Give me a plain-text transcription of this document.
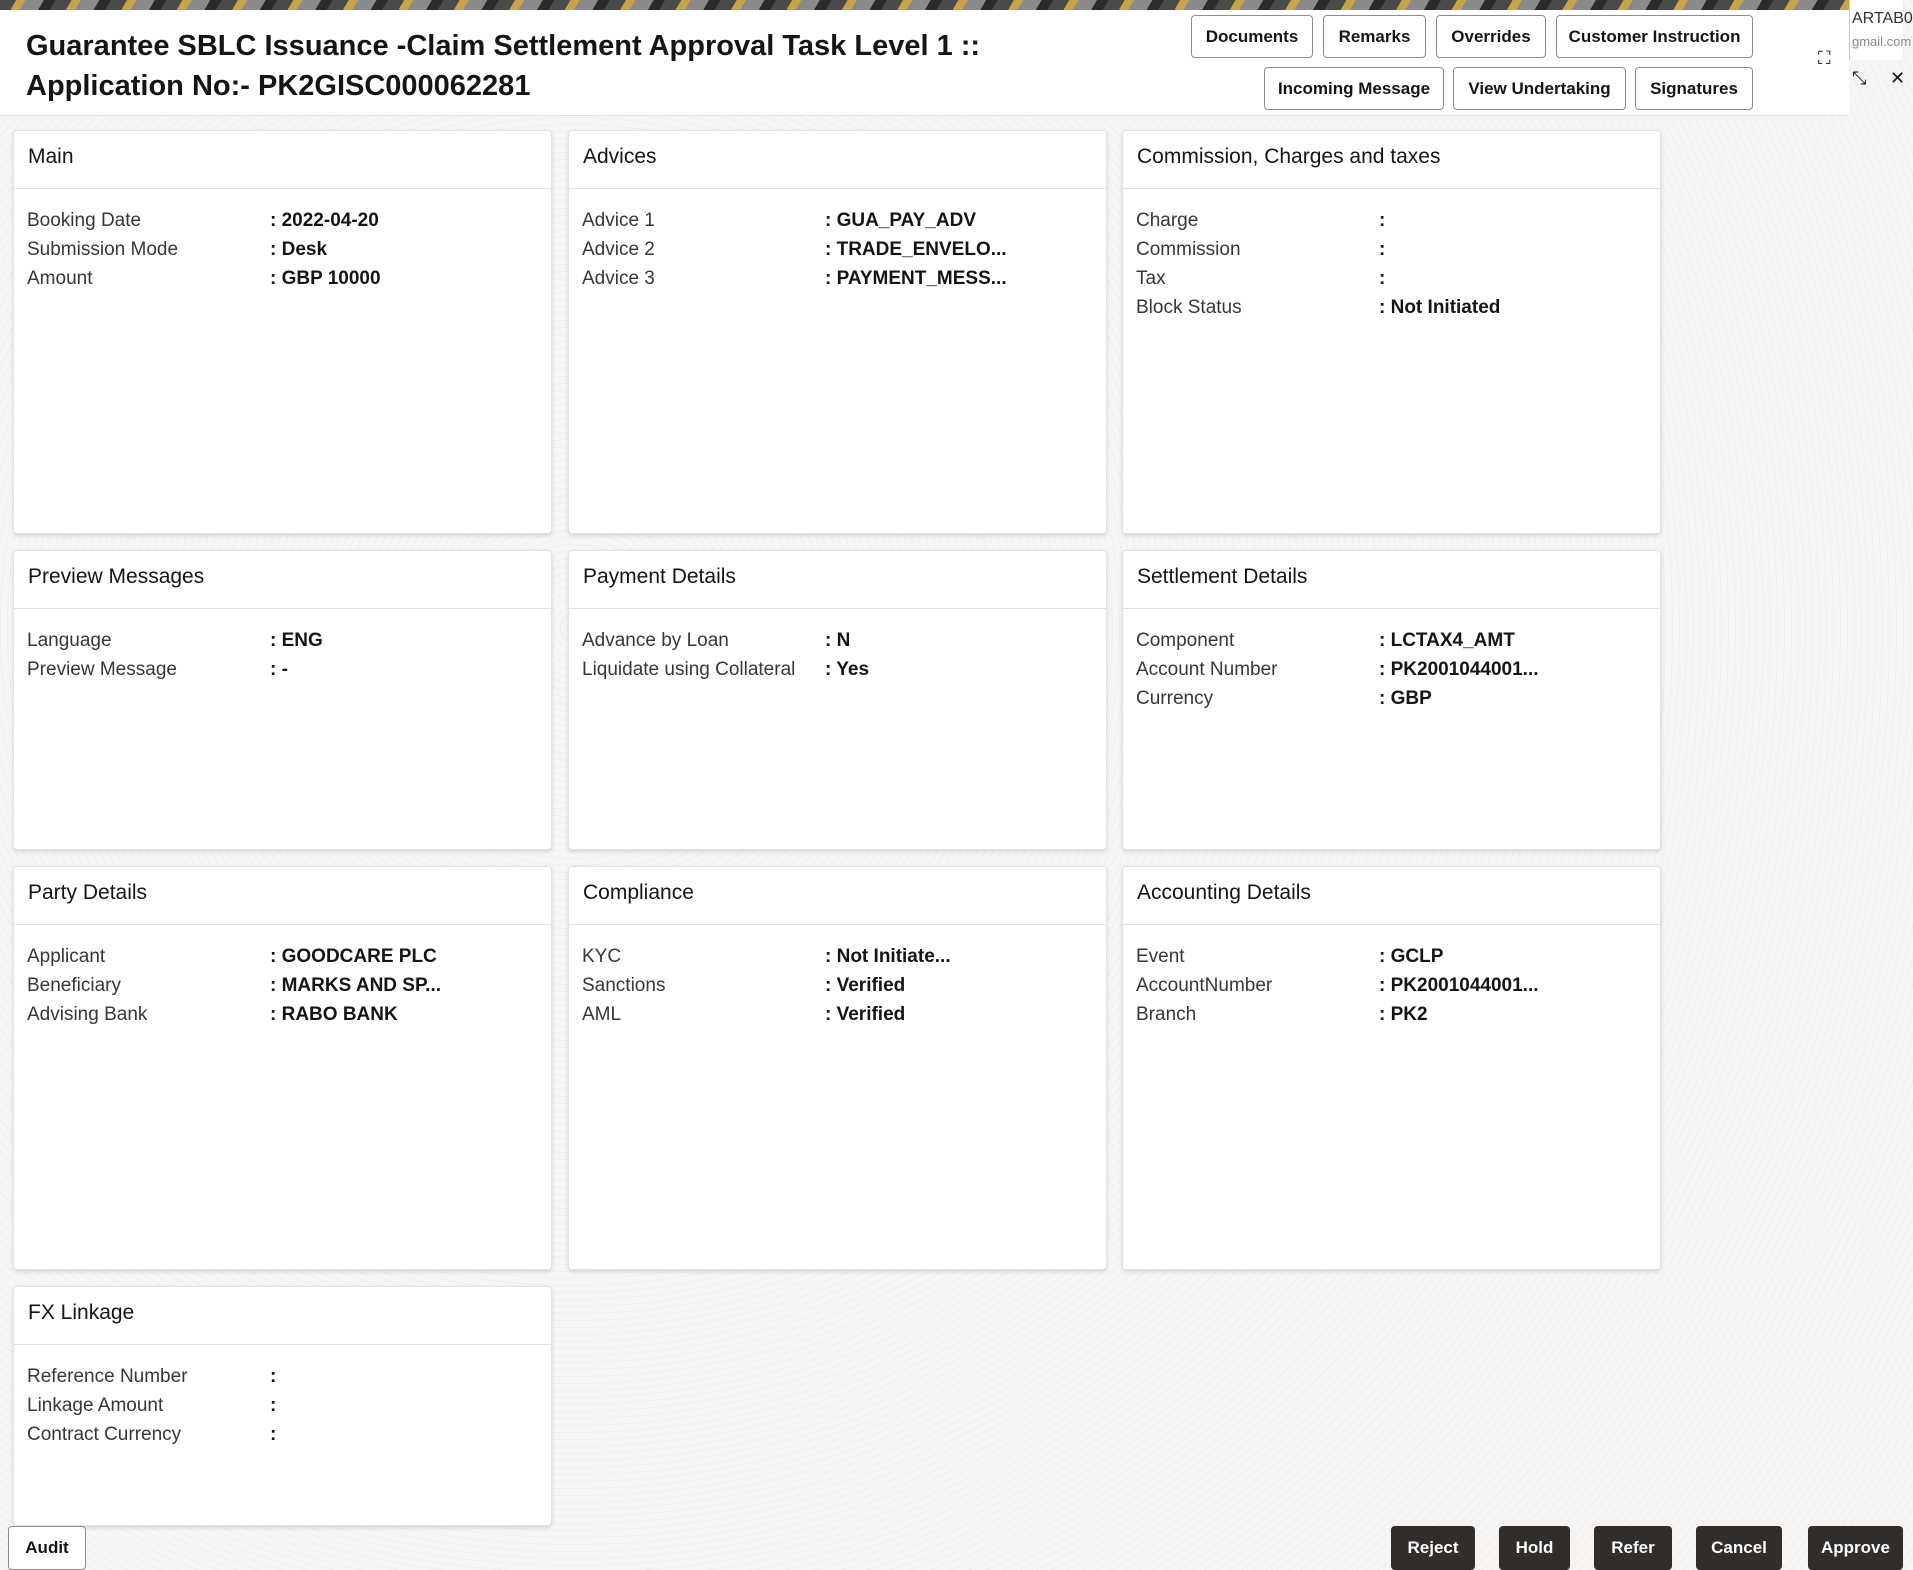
Guarantee SBLC Issuance -Claim Settlement Approval Task Level 1 ::
Application No:- PK2GISC000062281
Documents	Remarks	Overrides	Customer Instruction
Incoming Message	View Undertaking	Signatures
⛶
ARTAB0
gmail.com
⤡ ✕
Main
Booking Date	: 2022-04-20
Submission Mode	: Desk
Amount	: GBP 10000
Advices
Advice 1	: GUA_PAY_ADV
Advice 2	: TRADE_ENVELO...
Advice 3	: PAYMENT_MESS...
Commission, Charges and taxes
Charge	:
Commission	:
Tax	:
Block Status	: Not Initiated
Preview Messages
Language	: ENG
Preview Message	: -
Payment Details
Advance by Loan	: N
Liquidate using Collateral	: Yes
Settlement Details
Component	: LCTAX4_AMT
Account Number	: PK2001044001...
Currency	: GBP
Party Details
Applicant	: GOODCARE PLC
Beneficiary	: MARKS AND SP...
Advising Bank	: RABO BANK
Compliance
KYC	: Not Initiate...
Sanctions	: Verified
AML	: Verified
Accounting Details
Event	: GCLP
AccountNumber	: PK2001044001...
Branch	: PK2
FX Linkage
Reference Number	:
Linkage Amount	:
Contract Currency	:
Audit	Reject	Hold	Refer	Cancel	Approve
